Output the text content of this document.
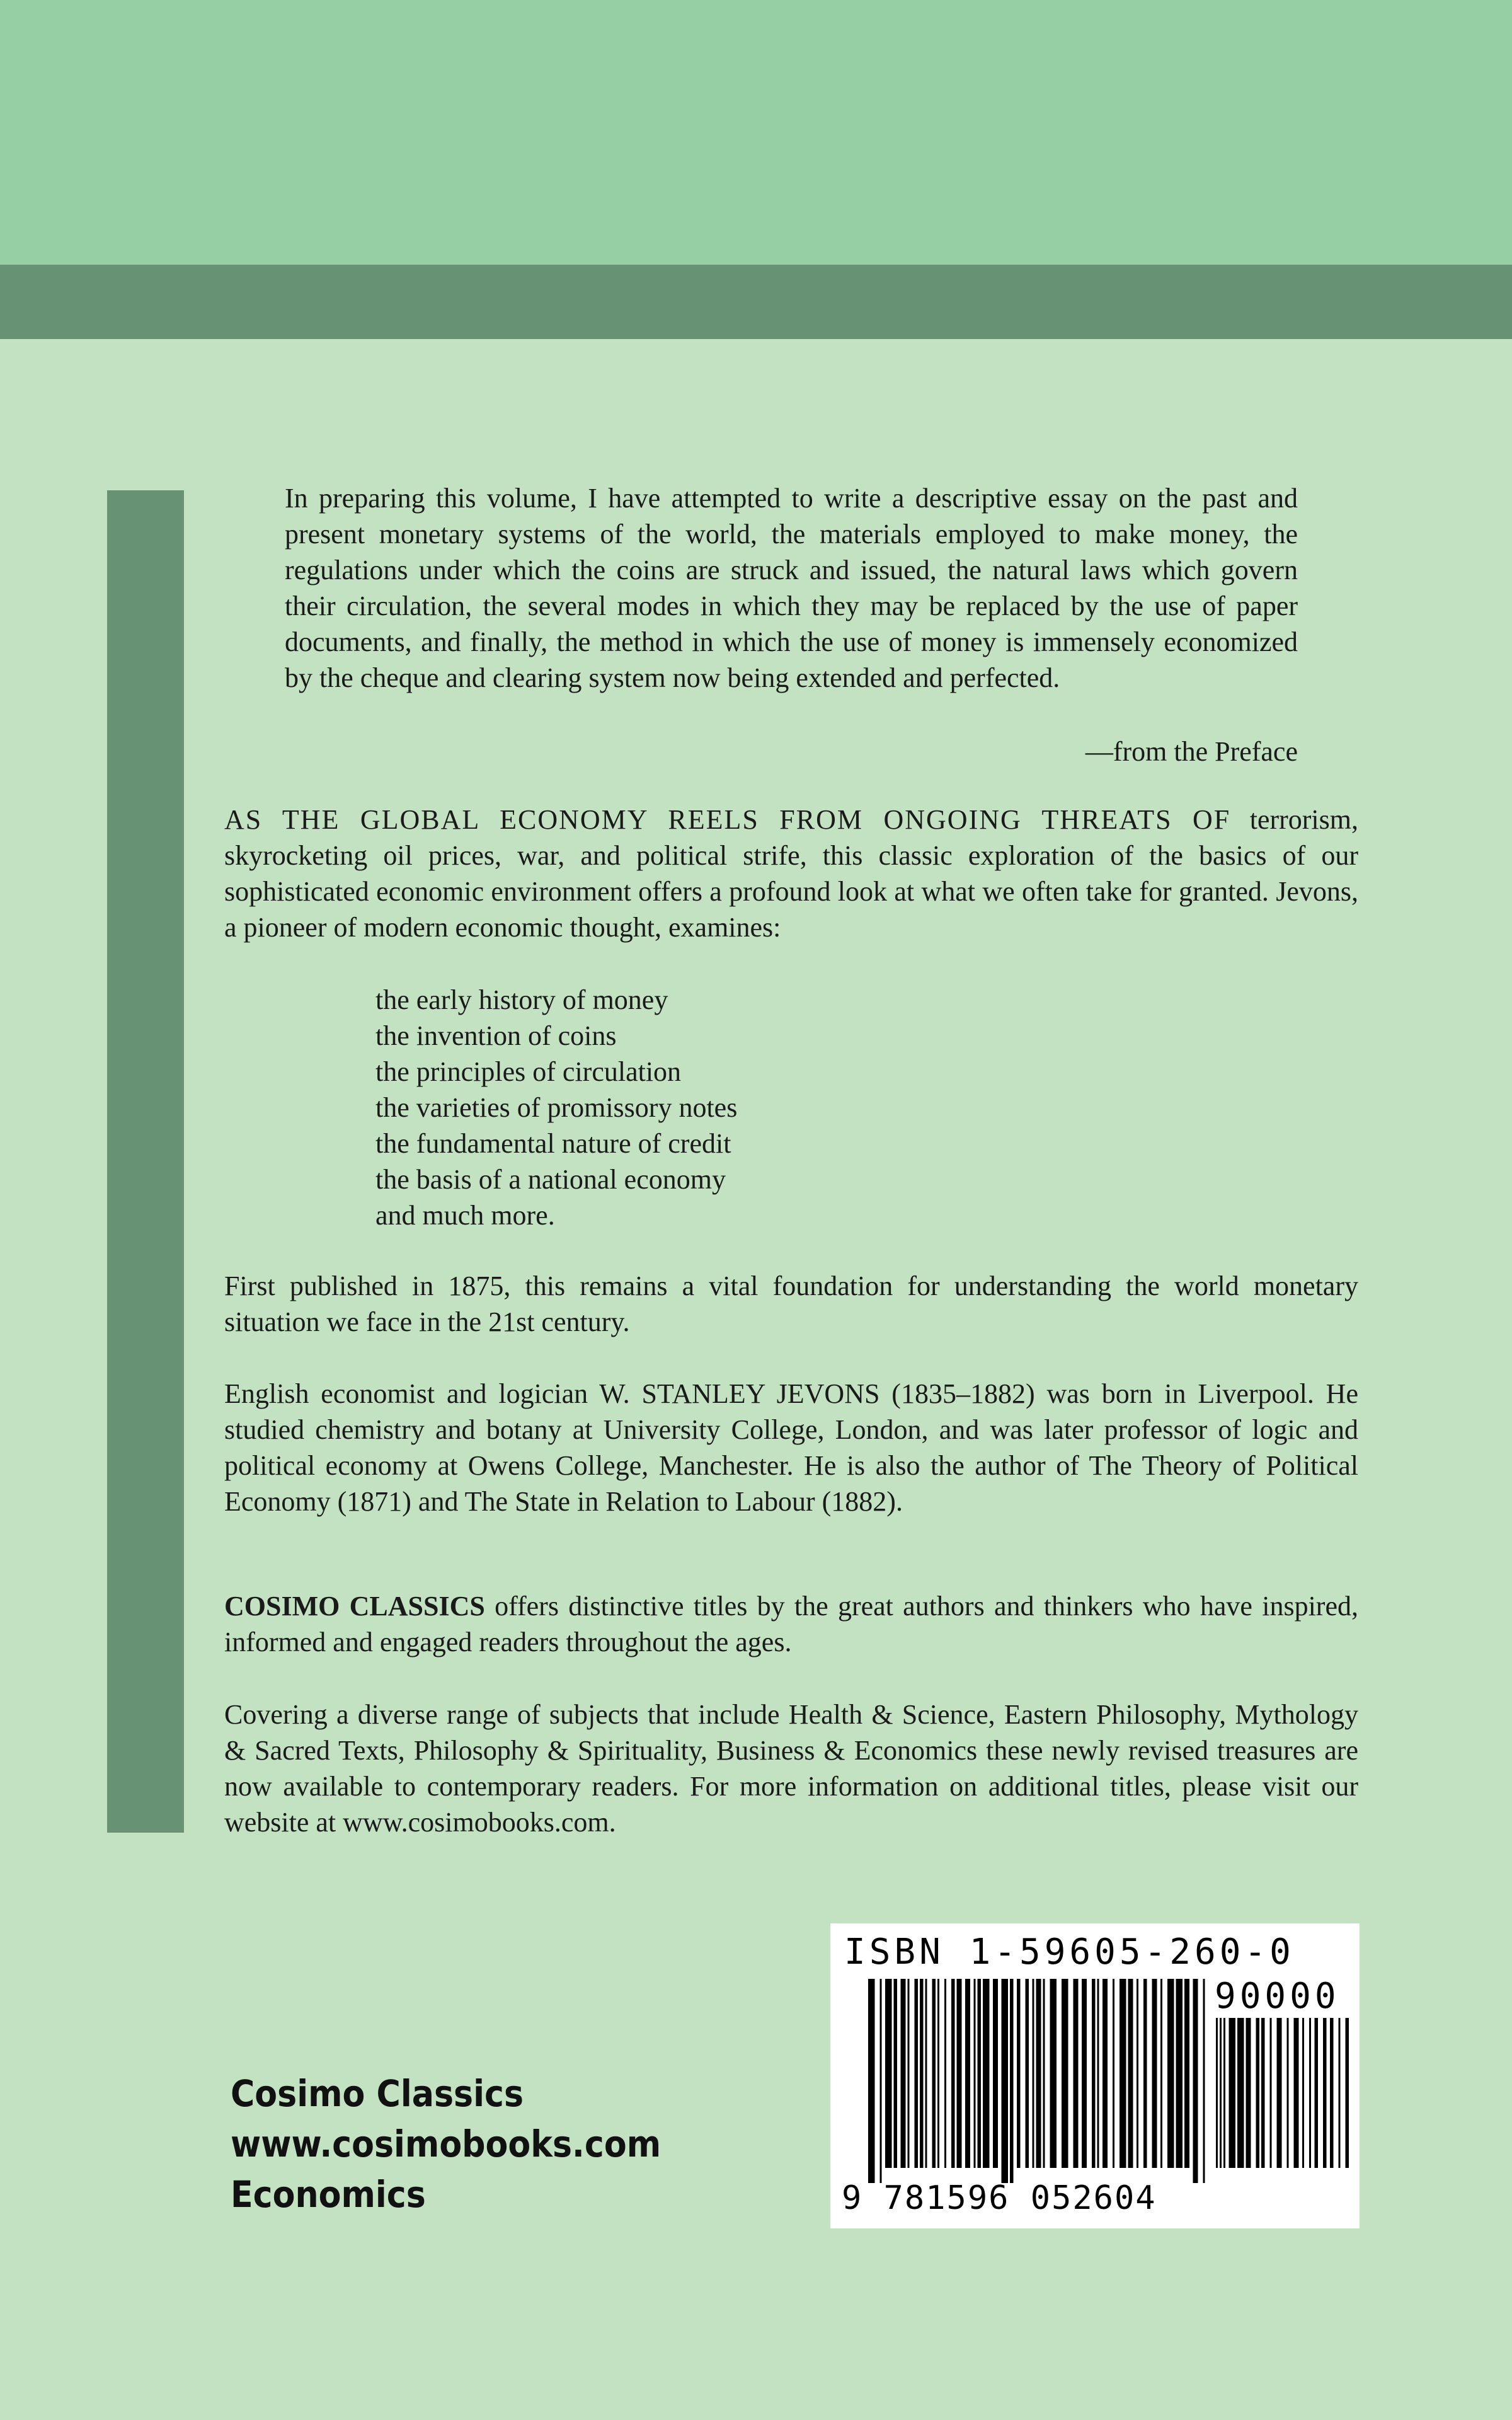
In preparing this volume, I have attempted to write a descriptive essay on the past and present monetary systems of the world, the materials employed to make money, the regulations under which the coins are struck and issued, the natural laws which govern their circulation, the several modes in which they may be replaced by the use of paper documents, and finally, the method in which the use of money is immensely economized by the cheque and clearing system now being extended and perfected.

—from the Preface

AS THE GLOBAL ECONOMY REELS FROM ONGOING THREATS OF terrorism, skyrocketing oil prices, war, and political strife, this classic exploration of the basics of our sophisticated economic environment offers a profound look at what we often take for granted. Jevons, a pioneer of modern economic thought, examines:

the early history of money
the invention of coins
the principles of circulation
the varieties of promissory notes
the fundamental nature of credit
the basis of a national economy
and much more.

First published in 1875, this remains a vital foundation for understanding the world monetary situation we face in the 21st century.

English economist and logician W. STANLEY JEVONS (1835–1882) was born in Liverpool. He studied chemistry and botany at University College, London, and was later professor of logic and political economy at Owens College, Manchester. He is also the author of The Theory of Political Economy (1871) and The State in Relation to Labour (1882).

COSIMO CLASSICS offers distinctive titles by the great authors and thinkers who have inspired, informed and engaged readers throughout the ages.

Covering a diverse range of subjects that include Health & Science, Eastern Philosophy, Mythology & Sacred Texts, Philosophy & Spirituality, Business & Economics these newly revised treasures are now available to contemporary readers. For more information on additional titles, please visit our website at www.cosimobooks.com.

ISBN 1-59605-260-0
90000
9 781596 052604
Cosimo Classics
www.cosimobooks.com
Economics
